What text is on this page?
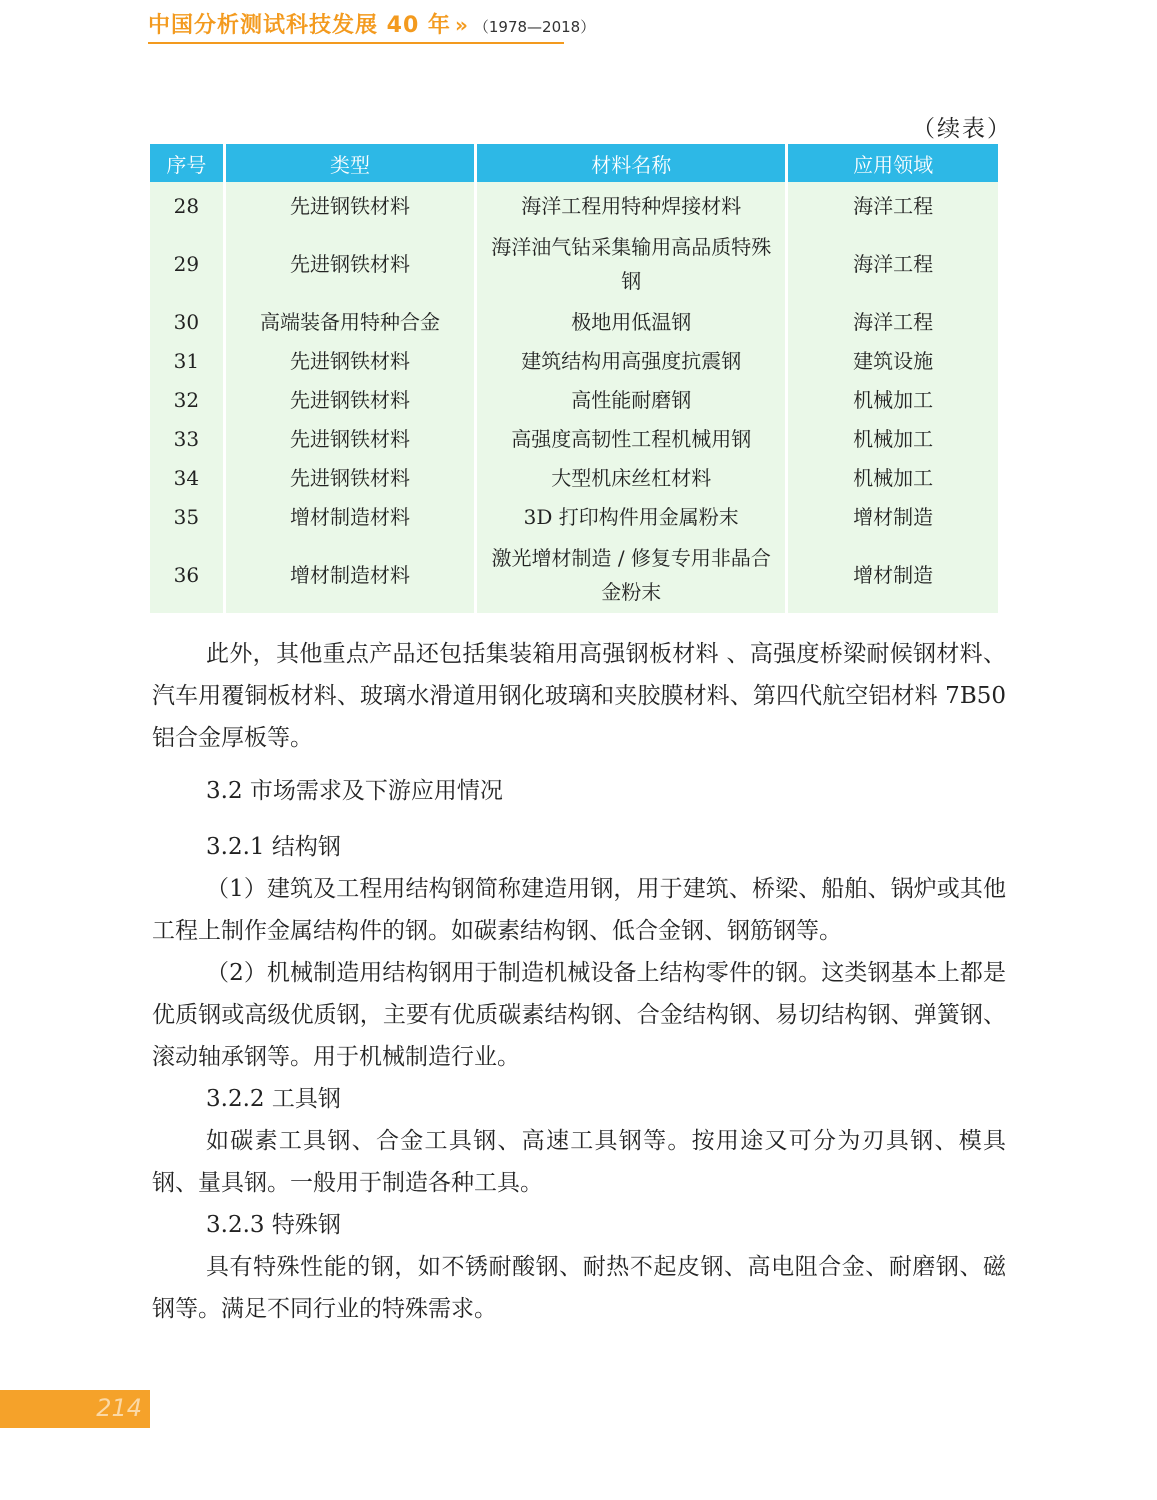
中国分析测试科技发展 40 年 » （1978—2018）
（续表）
序号	类型	材料名称	应用领域
28	先进钢铁材料	海洋工程用特种焊接材料	海洋工程
29	先进钢铁材料	海洋油气钻采集输用高品质特殊钢	海洋工程
30	高端装备用特种合金	极地用低温钢	海洋工程
31	先进钢铁材料	建筑结构用高强度抗震钢	建筑设施
32	先进钢铁材料	高性能耐磨钢	机械加工
33	先进钢铁材料	高强度高韧性工程机械用钢	机械加工
34	先进钢铁材料	大型机床丝杠材料	机械加工
35	增材制造材料	3D 打印构件用金属粉末	增材制造
36	增材制造材料	激光增材制造 / 修复专用非晶合金粉末	增材制造

此外，其他重点产品还包括集装箱用高强钢板材料 、高强度桥梁耐候钢材料、汽车用覆铜板材料、玻璃水滑道用钢化玻璃和夹胶膜材料、第四代航空铝材料 7B50 铝合金厚板等。

3.2 市场需求及下游应用情况

3.2.1 结构钢

（1）建筑及工程用结构钢简称建造用钢，用于建筑、桥梁、船舶、锅炉或其他工程上制作金属结构件的钢。如碳素结构钢、低合金钢、钢筋钢等。

（2）机械制造用结构钢用于制造机械设备上结构零件的钢。这类钢基本上都是优质钢或高级优质钢，主要有优质碳素结构钢、合金结构钢、易切结构钢、弹簧钢、滚动轴承钢等。用于机械制造行业。

3.2.2 工具钢

如碳素工具钢、合金工具钢、高速工具钢等。按用途又可分为刃具钢、模具钢、量具钢。一般用于制造各种工具。

3.2.3 特殊钢

具有特殊性能的钢，如不锈耐酸钢、耐热不起皮钢、高电阻合金、耐磨钢、磁钢等。满足不同行业的特殊需求。

214
